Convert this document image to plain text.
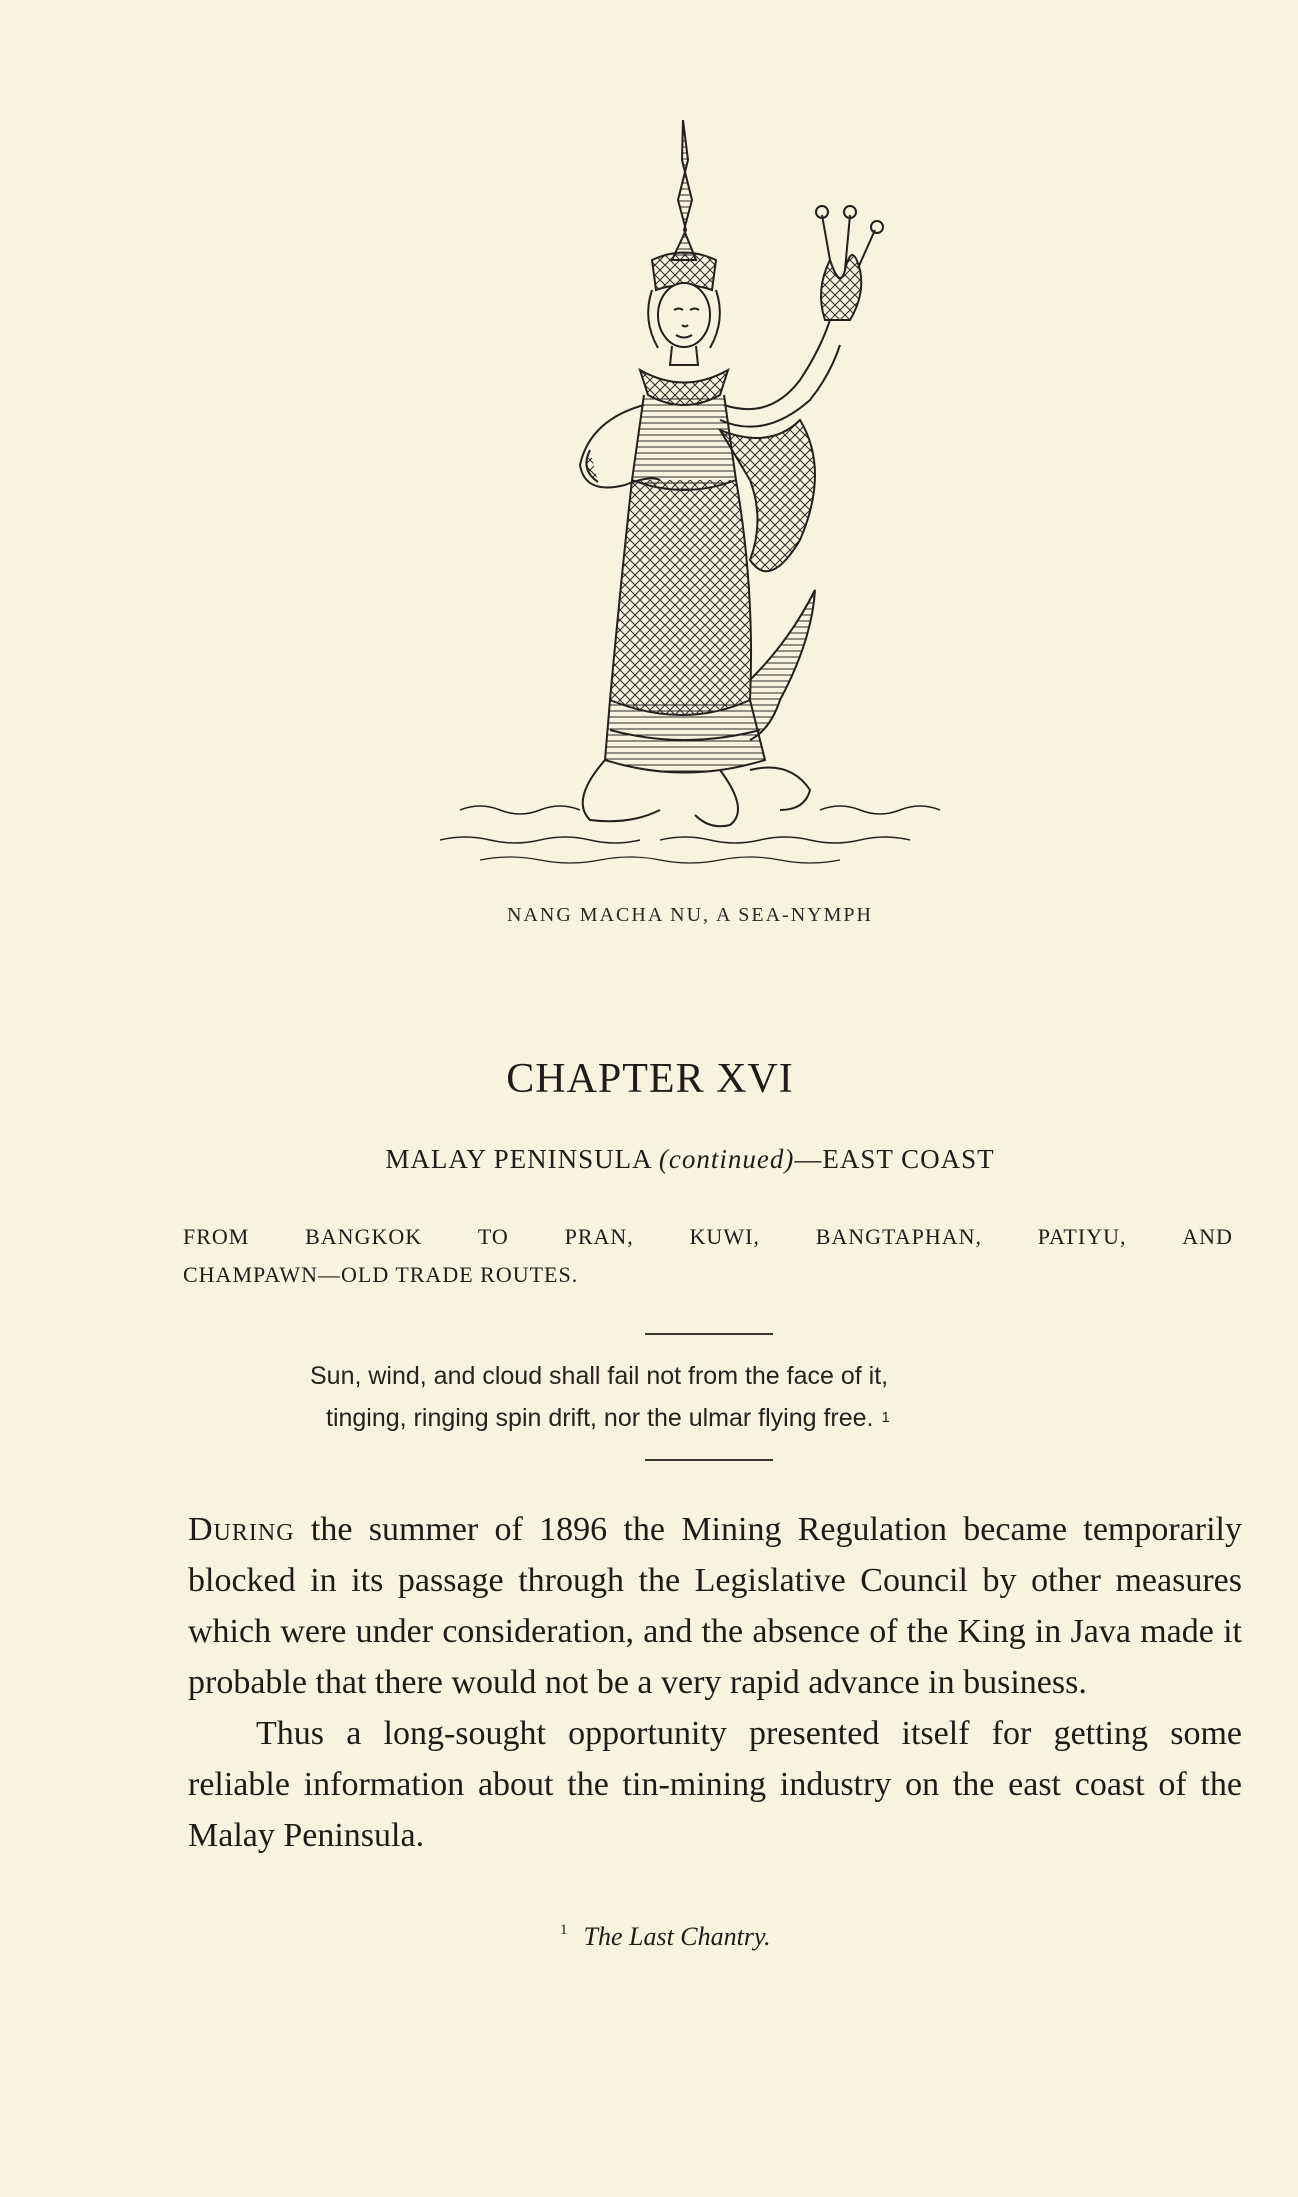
NANG MACHA NU, A SEA-NYMPH
CHAPTER XVI
MALAY PENINSULA (continued)—EAST COAST
FROM	BANGKOK	TO	PRAN,	KUWI,	BANGTAPHAN,	PATIYU,	AND
CHAMPAWN—OLD TRADE ROUTES.
Sun, wind, and cloud shall fail not from the face of it,
tinging, ringing spin drift, nor the ulmar flying free. $^1$

During the summer of 1896 the Mining Regulation became temporarily blocked in its passage through the Legislative Council by other measures which were under consideration, and the absence of the King in Java made it probable that there would not be a very rapid advance in business.

Thus a long-sought opportunity presented itself for getting some reliable information about the tin-mining industry on the east coast of the Malay Peninsula.

$^1$ The Last Chantry.
